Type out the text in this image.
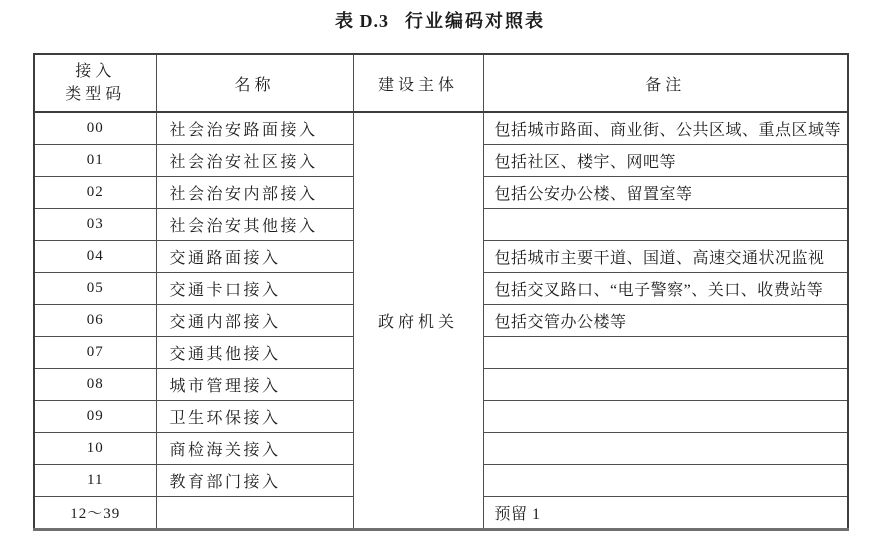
表 D.3 行业编码对照表
接入
类型码	名称	建设主体	备注
00	社会治安路面接入	政府机关	包括城市路面、商业街、公共区域、重点区域等
01	社会治安社区接入		包括社区、楼宇、网吧等
02	社会治安内部接入		包括公安办公楼、留置室等
03	社会治安其他接入		
04	交通路面接入		包括城市主要干道、国道、高速交通状况监视
05	交通卡口接入		包括交叉路口、“电子警察”、关口、收费站等
06	交通内部接入		包括交管办公楼等
07	交通其他接入		
08	城市管理接入		
09	卫生环保接入		
10	商检海关接入		
11	教育部门接入		
12～39			预留 1
